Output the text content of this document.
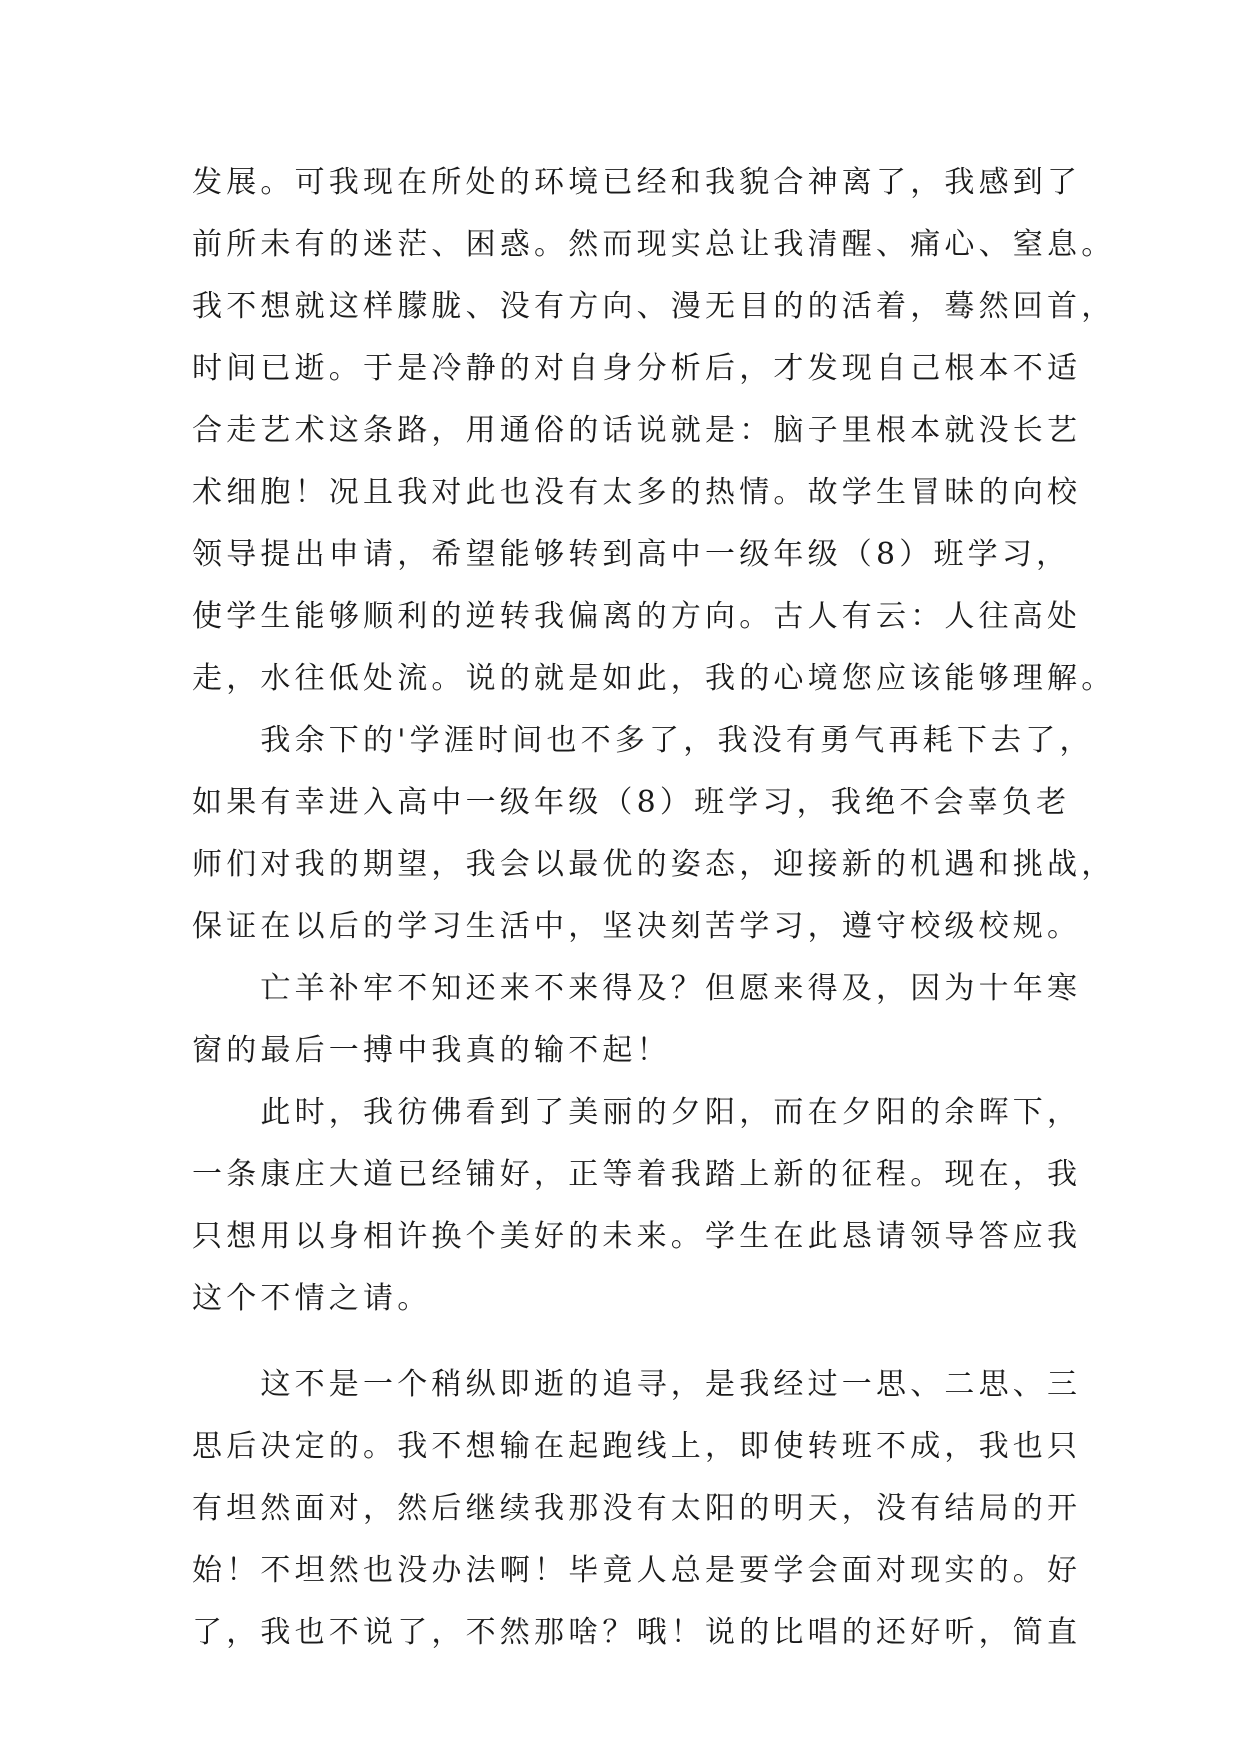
发展。可我现在所处的环境已经和我貌合神离了，我感到了
前所未有的迷茫、困惑。然而现实总让我清醒、痛心、窒息。
我不想就这样朦胧、没有方向、漫无目的的活着，蓦然回首，
时间已逝。于是冷静的对自身分析后，才发现自己根本不适
合走艺术这条路，用通俗的话说就是：脑子里根本就没长艺
术细胞！况且我对此也没有太多的热情。故学生冒昧的向校
领导提出申请，希望能够转到高中一级年级（8）班学习，
使学生能够顺利的逆转我偏离的方向。古人有云：人往高处
走，水往低处流。说的就是如此，我的心境您应该能够理解。
　　我余下的'学涯时间也不多了，我没有勇气再耗下去了，
如果有幸进入高中一级年级（8）班学习，我绝不会辜负老
师们对我的期望，我会以最优的姿态，迎接新的机遇和挑战，
保证在以后的学习生活中，坚决刻苦学习，遵守校级校规。
　　亡羊补牢不知还来不来得及？但愿来得及，因为十年寒
窗的最后一搏中我真的输不起！
　　此时，我彷佛看到了美丽的夕阳，而在夕阳的余晖下，
一条康庄大道已经铺好，正等着我踏上新的征程。现在，我
只想用以身相许换个美好的未来。学生在此恳请领导答应我
这个不情之请。
　　这不是一个稍纵即逝的追寻，是我经过一思、二思、三
思后决定的。我不想输在起跑线上，即使转班不成，我也只
有坦然面对，然后继续我那没有太阳的明天，没有结局的开
始！不坦然也没办法啊！毕竟人总是要学会面对现实的。好
了，我也不说了，不然那啥？哦！说的比唱的还好听，简直
